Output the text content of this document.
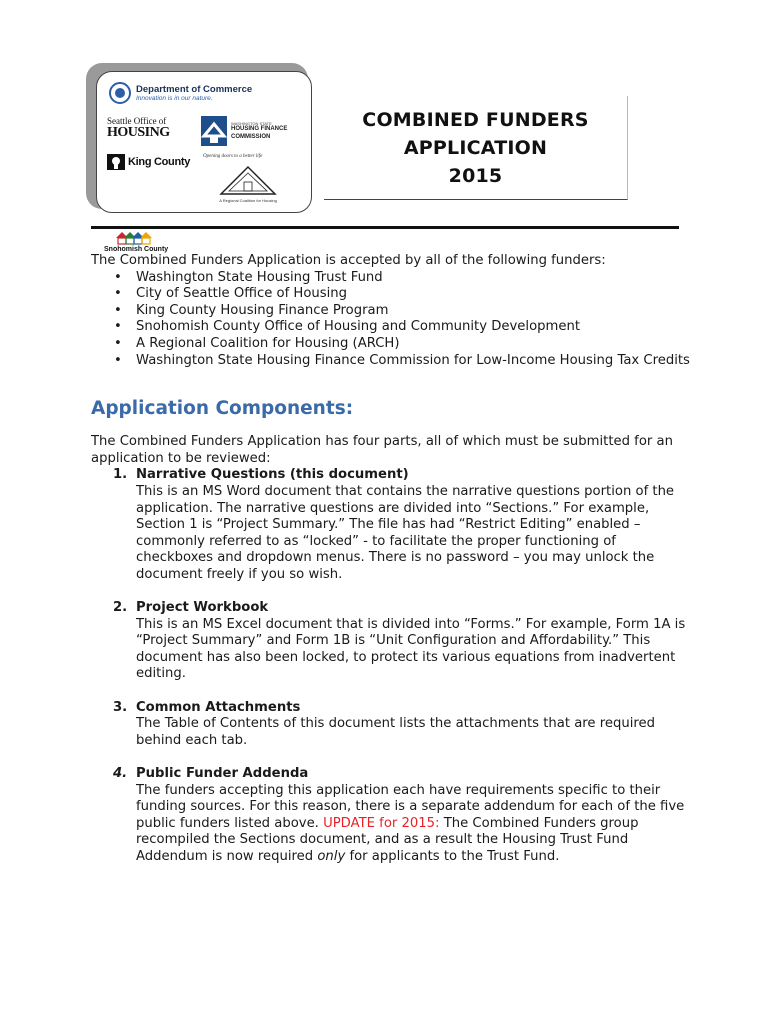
Department of Commerce
Innovation is in our nature.
Seattle Office of
HOUSING
WASHINGTON STATE
HOUSING FINANCE
COMMISSION
King County	Opening doors to a better life
A Regional Coalition for Housing
COMBINED FUNDERS
APPLICATION
2015
Snohomish County

The Combined Funders Application is accepted by all of the following funders:

• Washington State Housing Trust Fund
• City of Seattle Office of Housing
• King County Housing Finance Program
• Snohomish County Office of Housing and Community Development
• A Regional Coalition for Housing (ARCH)
• Washington State Housing Finance Commission for Low-Income Housing Tax Credits
Application Components:

The Combined Funders Application has four parts, all of which must be submitted for an application to be reviewed:

1. Narrative Questions (this document)
This is an MS Word document that contains the narrative questions portion of the application. The narrative questions are divided into “Sections.” For example, Section 1 is “Project Summary.” The file has had “Restrict Editing” enabled –commonly referred to as “locked” - to facilitate the proper functioning of checkboxes and dropdown menus. There is no password – you may unlock the document freely if you so wish.
2. Project Workbook
This is an MS Excel document that is divided into “Forms.” For example, Form 1A is “Project Summary” and Form 1B is “Unit Configuration and Affordability.” This document has also been locked, to protect its various equations from inadvertent editing.
3. Common Attachments
The Table of Contents of this document lists the attachments that are required behind each tab.
4. Public Funder Addenda
The funders accepting this application each have requirements specific to their funding sources. For this reason, there is a separate addendum for each of the five public funders listed above. UPDATE for 2015: The Combined Funders group recompiled the Sections document, and as a result the Housing Trust Fund Addendum is now required only for applicants to the Trust Fund.
